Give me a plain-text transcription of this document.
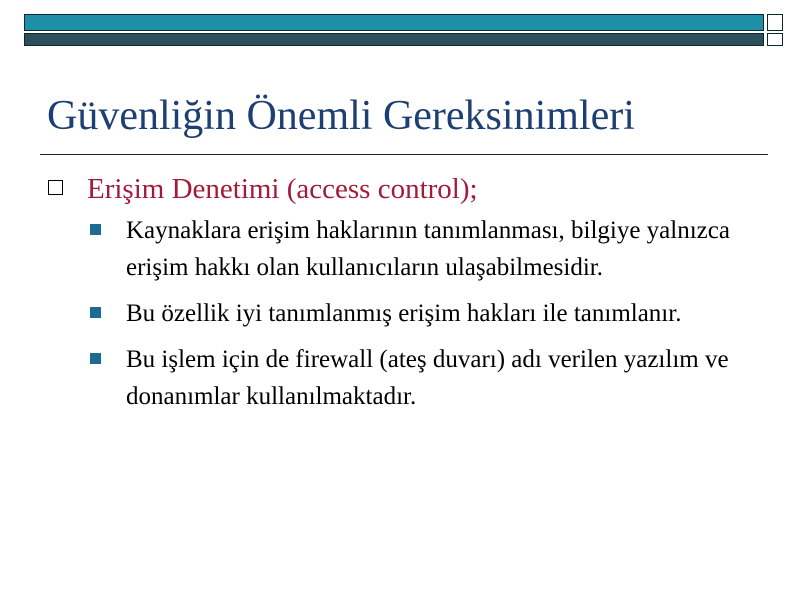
Güvenliğin Önemli Gereksinimleri
Erişim Denetimi (access control);
Kaynaklara erişim haklarının tanımlanması, bilgiye yalnızca erişim hakkı olan kullanıcıların ulaşabilmesidir.
Bu özellik iyi tanımlanmış erişim hakları ile tanımlanır.
Bu işlem için de firewall (ateş duvarı) adı verilen yazılım ve donanımlar kullanılmaktadır.
